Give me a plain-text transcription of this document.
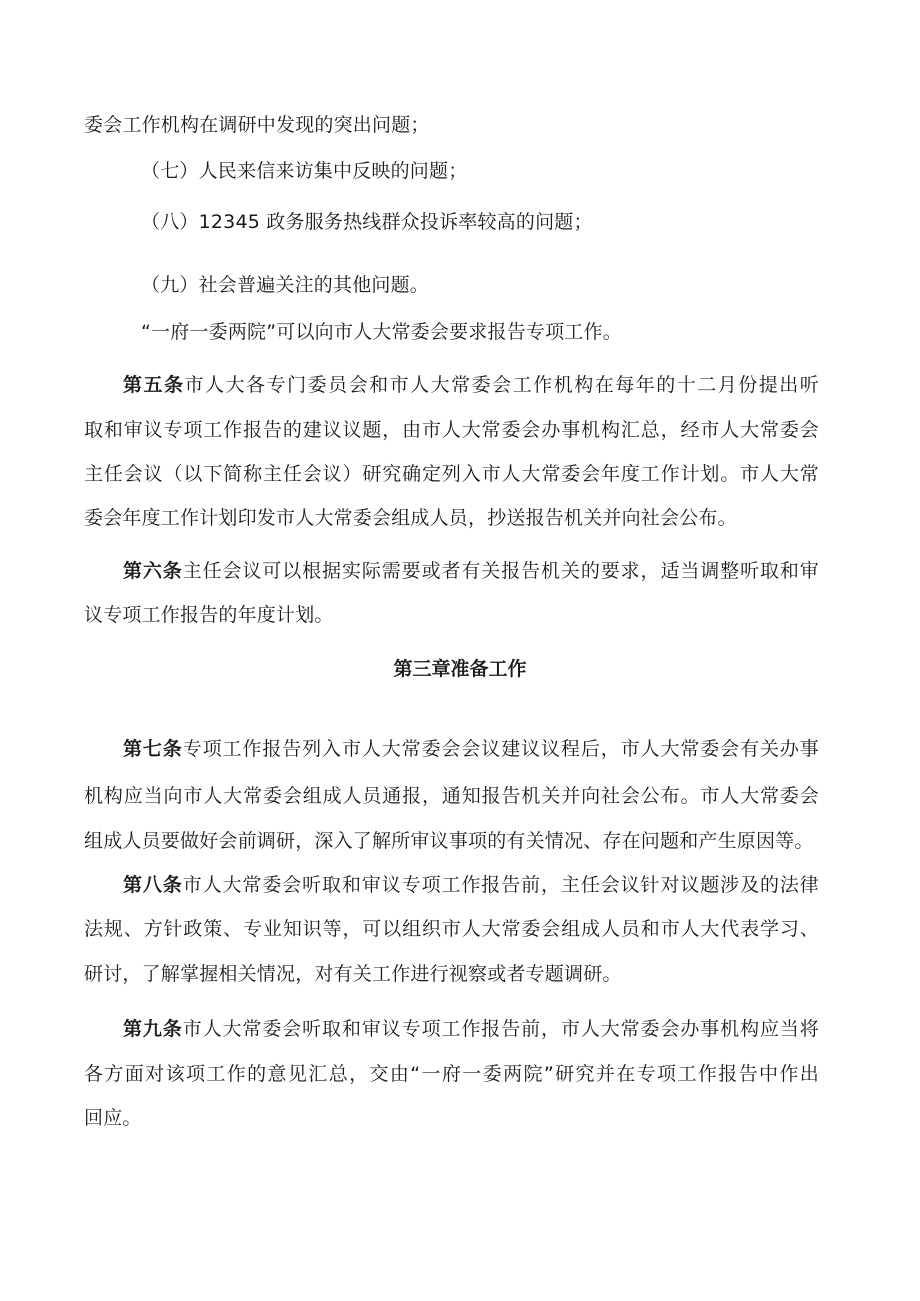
委会工作机构在调研中发现的突出问题；
（七）人民来信来访集中反映的问题；
（八）12345 政务服务热线群众投诉率较高的问题；
（九）社会普遍关注的其他问题。
“一府一委两院”可以向市人大常委会要求报告专项工作。
第五条市人大各专门委员会和市人大常委会工作机构在每年的十二月份提出听
取和审议专项工作报告的建议议题，由市人大常委会办事机构汇总，经市人大常委会
主任会议（以下简称主任会议）研究确定列入市人大常委会年度工作计划。市人大常
委会年度工作计划印发市人大常委会组成人员，抄送报告机关并向社会公布。
第六条主任会议可以根据实际需要或者有关报告机关的要求，适当调整听取和审
议专项工作报告的年度计划。
第三章准备工作
第七条专项工作报告列入市人大常委会会议建议议程后，市人大常委会有关办事
机构应当向市人大常委会组成人员通报，通知报告机关并向社会公布。市人大常委会
组成人员要做好会前调研，深入了解所审议事项的有关情况、存在问题和产生原因等。
第八条市人大常委会听取和审议专项工作报告前，主任会议针对议题涉及的法律
法规、方针政策、专业知识等，可以组织市人大常委会组成人员和市人大代表学习、
研讨，了解掌握相关情况，对有关工作进行视察或者专题调研。
第九条市人大常委会听取和审议专项工作报告前，市人大常委会办事机构应当将
各方面对该项工作的意见汇总，交由“一府一委两院”研究并在专项工作报告中作出
回应。
